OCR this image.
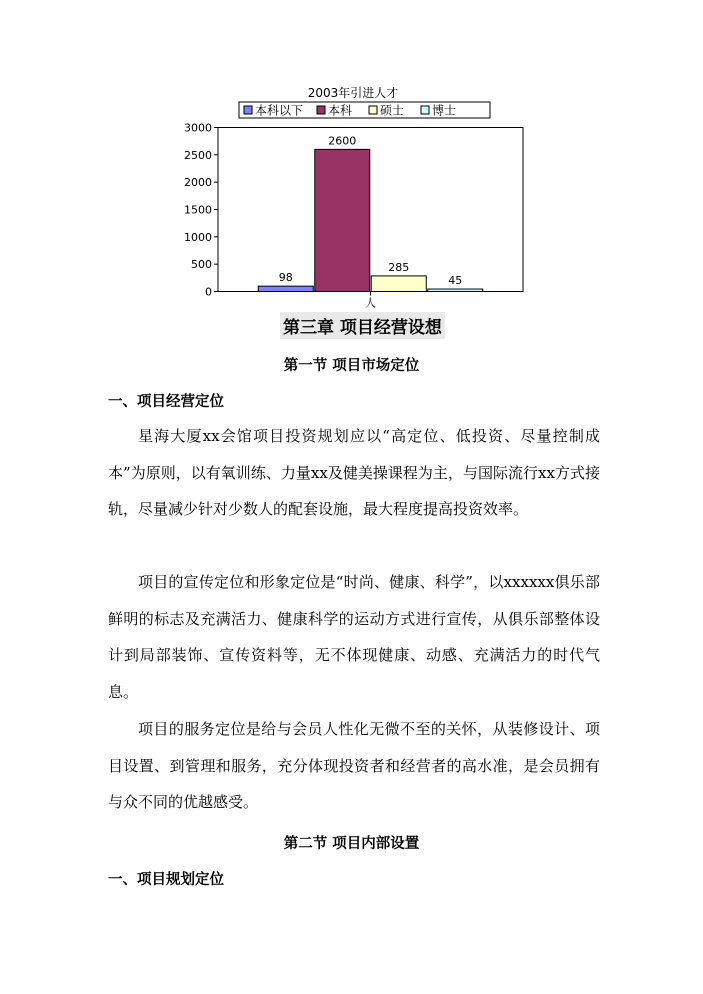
2003年引进人才
本科以下 本科 硕士 博士
0
500
1000
1500
2000
2500
3000
98
2600
285
45
人
第三章 项目经营设想
第一节 项目市场定位
一、项目经营定位
星海大厦xx会馆项目投资规划应以“高定位、低投资、尽量控制成本”为原则，以有氧训练、力量xx及健美操课程为主，与国际流行xx方式接轨，尽量减少针对少数人的配套设施，最大程度提高投资效率。
项目的宣传定位和形象定位是“时尚、健康、科学”，以xxxxxx俱乐部鲜明的标志及充满活力、健康科学的运动方式进行宣传，从俱乐部整体设计到局部装饰、宣传资料等，无不体现健康、动感、充满活力的时代气息。
项目的服务定位是给与会员人性化无微不至的关怀，从装修设计、项目设置、到管理和服务，充分体现投资者和经营者的高水准，是会员拥有与众不同的优越感受。
第二节 项目内部设置
一、项目规划定位
